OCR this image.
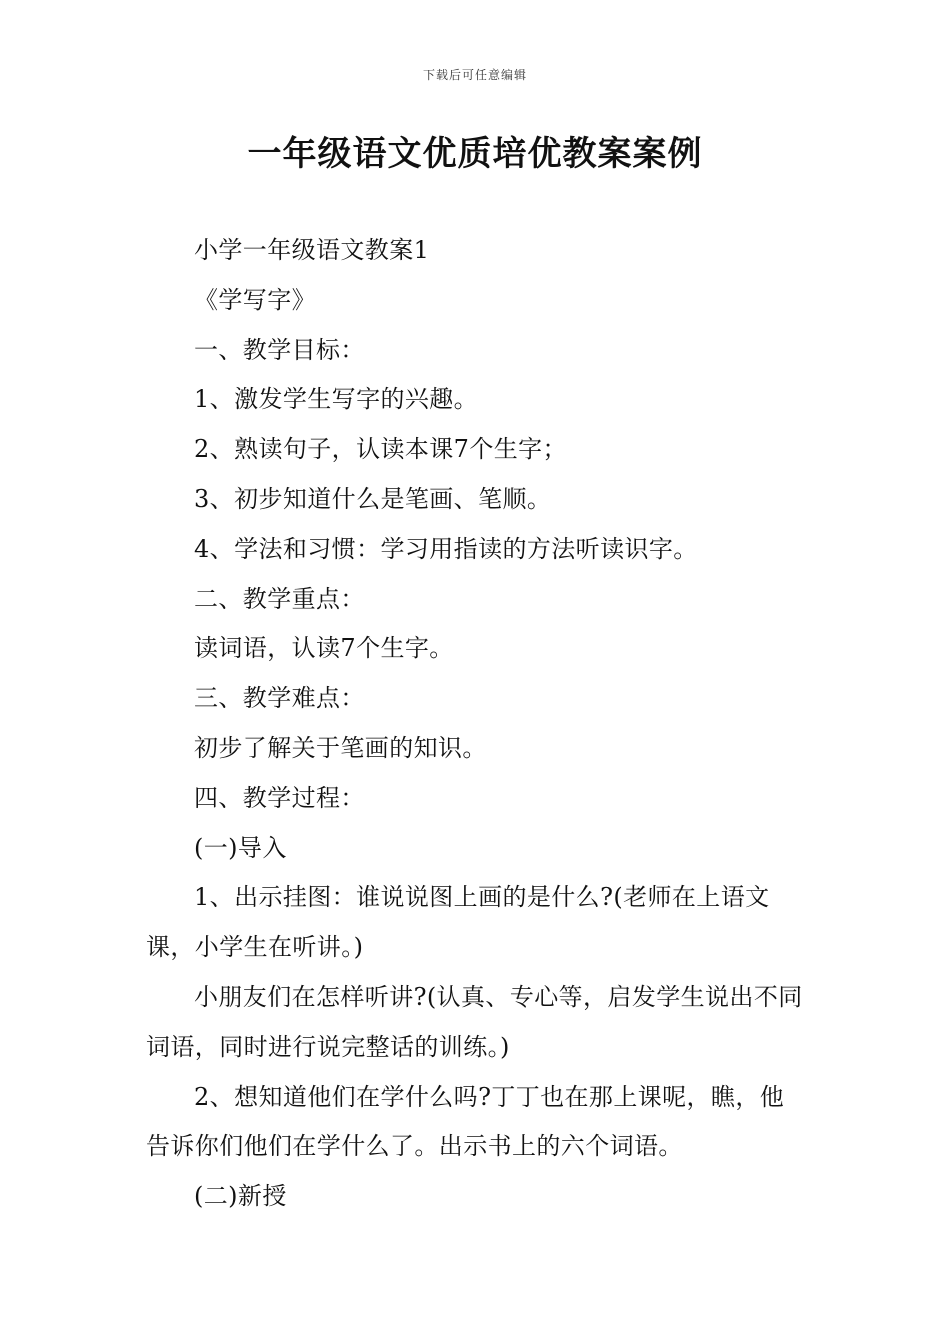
下载后可任意编辑
一年级语文优质培优教案案例

小学一年级语文教案1

《学写字》

一、教学目标：

1、激发学生写字的兴趣。

2、熟读句子，认读本课7个生字；

3、初步知道什么是笔画、笔顺。

4、学法和习惯：学习用指读的方法听读识字。

二、教学重点：

读词语，认读7个生字。

三、教学难点：

初步了解关于笔画的知识。

四、教学过程：

(一)导入

1、出示挂图：谁说说图上画的是什么?(老师在上语文课，小学生在听讲。)

小朋友们在怎样听讲?(认真、专心等，启发学生说出不同词语，同时进行说完整话的训练。)

2、想知道他们在学什么吗?丁丁也在那上课呢，瞧，他告诉你们他们在学什么了。出示书上的六个词语。

(二)新授
